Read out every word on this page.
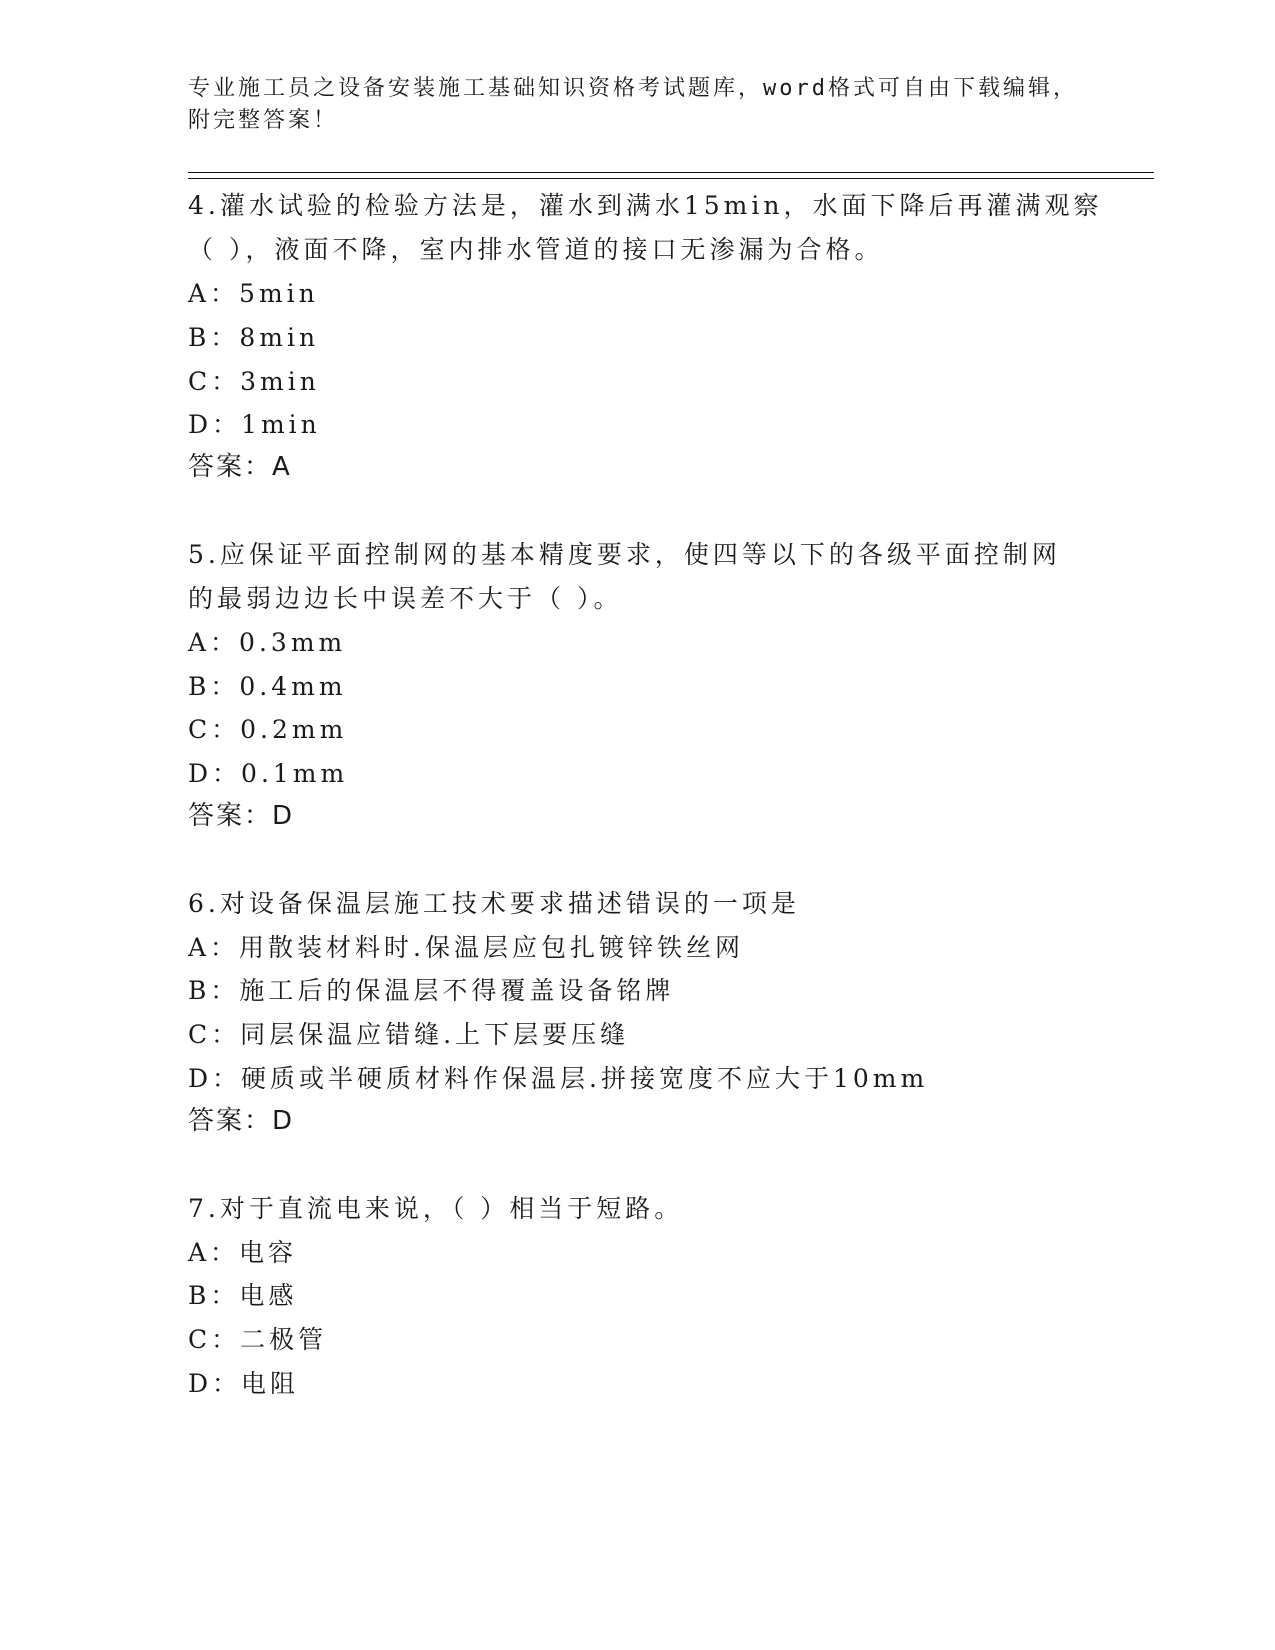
专业施工员之设备安装施工基础知识资格考试题库，word格式可自由下载编辑，
附完整答案！
4.灌水试验的检验方法是，灌水到满水15min，水面下降后再灌满观察
（ ），液面不降，室内排水管道的接口无渗漏为合格。
A：5min
B：8min
C：3min
D：1min
答案：A
5.应保证平面控制网的基本精度要求，使四等以下的各级平面控制网
的最弱边边长中误差不大于（ ）。
A：0.3mm
B：0.4mm
C：0.2mm
D：0.1mm
答案：D
6.对设备保温层施工技术要求描述错误的一项是
A：用散装材料时.保温层应包扎镀锌铁丝网
B：施工后的保温层不得覆盖设备铭牌
C：同层保温应错缝.上下层要压缝
D：硬质或半硬质材料作保温层.拼接宽度不应大于10mm
答案：D
7.对于直流电来说，（ ）相当于短路。
A：电容
B：电感
C：二极管
D：电阻
